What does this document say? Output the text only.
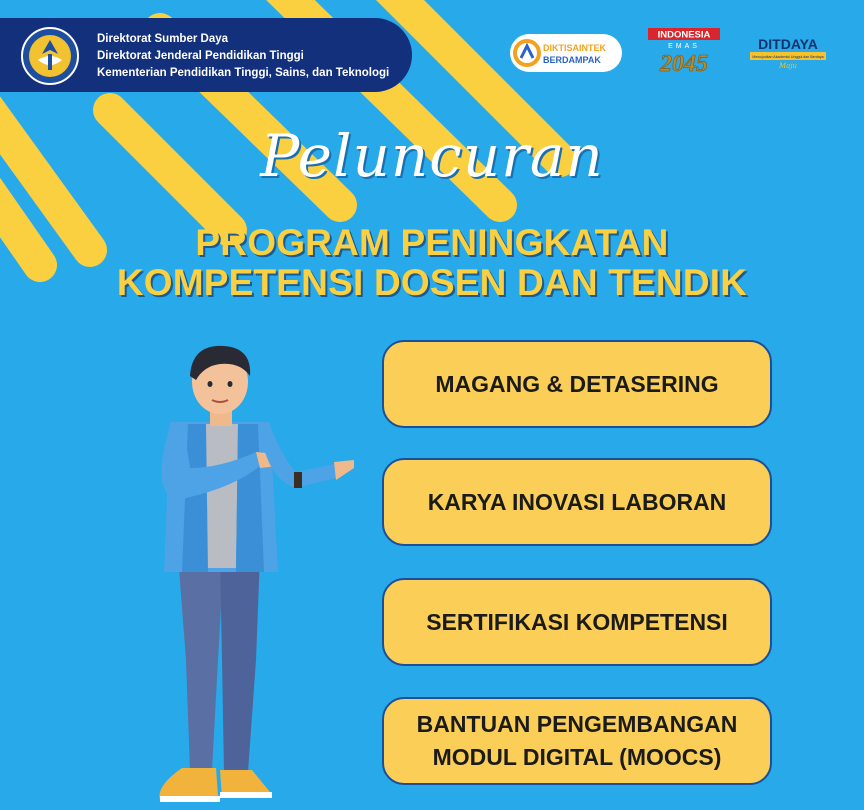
Direktorat Sumber Daya
Direktorat Jenderal Pendidikan Tinggi
Kementerian Pendidikan Tinggi, Sains, dan Teknologi
DIKTISAINTEK
BERDAMPAK
INDONESIA
EMAS
2045
DITDAYA
Mewujudkan Akademisi Unggul dan Berdaya
Maju
Peluncuran
PROGRAM PENINGKATAN
KOMPETENSI DOSEN DAN TENDIK
MAGANG & DETASERING
KARYA INOVASI LABORAN
SERTIFIKASI KOMPETENSI
BANTUAN PENGEMBANGAN
MODUL DIGITAL (MOOCS)
